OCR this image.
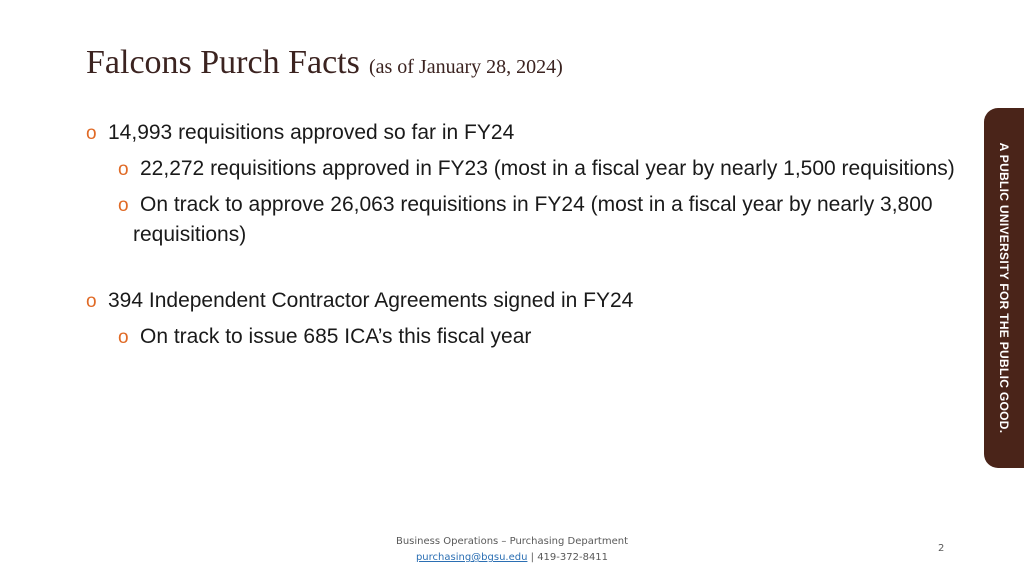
Falcons Purch Facts (as of January 28, 2024)
o 14,993 requisitions approved so far in FY24
o 22,272 requisitions approved in FY23 (most in a fiscal year by nearly 1,500 requisitions)
o On track to approve 26,063 requisitions in FY24 (most in a fiscal year by nearly 3,800 requisitions)
o 394 Independent Contractor Agreements signed in FY24
o On track to issue 685 ICA’s this fiscal year	A PUBLIC UNIVERSITY FOR THE PUBLIC GOOD.
Business Operations – Purchasing Department
purchasing@bgsu.edu | 419-372-8411
2
